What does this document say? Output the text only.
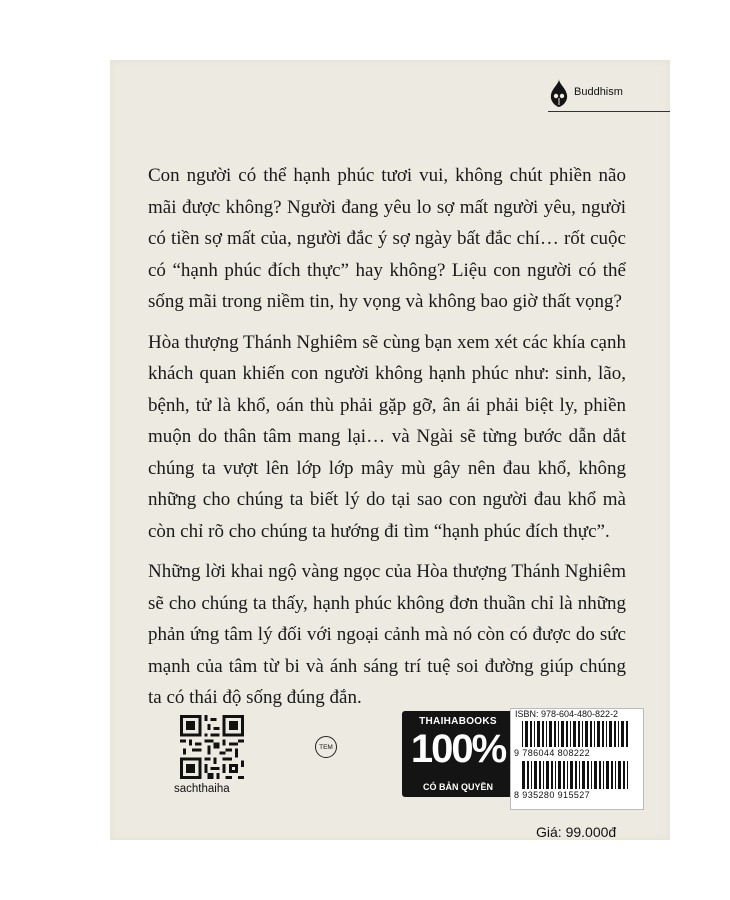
Buddhism

Con người có thể hạnh phúc tươi vui, không chút phiền não mãi được không? Người đang yêu lo sợ mất người yêu, người có tiền sợ mất của, người đắc ý sợ ngày bất đắc chí… rốt cuộc có “hạnh phúc đích thực” hay không? Liệu con người có thể sống mãi trong niềm tin, hy vọng và không bao giờ thất vọng?

Hòa thượng Thánh Nghiêm sẽ cùng bạn xem xét các khía cạnh khách quan khiến con người không hạnh phúc như: sinh, lão, bệnh, tử là khổ, oán thù phải gặp gỡ, ân ái phải biệt ly, phiền muộn do thân tâm mang lại… và Ngài sẽ từng bước dẫn dắt chúng ta vượt lên lớp lớp mây mù gây nên đau khổ, không những cho chúng ta biết lý do tại sao con người đau khổ mà còn chỉ rõ cho chúng ta hướng đi tìm “hạnh phúc đích thực”.

Những lời khai ngộ vàng ngọc của Hòa thượng Thánh Nghiêm sẽ cho chúng ta thấy, hạnh phúc không đơn thuần chỉ là những phản ứng tâm lý đối với ngoại cảnh mà nó còn có được do sức mạnh của tâm từ bi và ánh sáng trí tuệ soi đường giúp chúng ta có thái độ sống đúng đắn.

sachthaiha
TEM
THAIHABOOKS
100%
CÓ BẢN QUYỀN
ISBN: 978-604-480-822-2
9 786044 808222
8 935280 915527
Giá: 99.000đ
